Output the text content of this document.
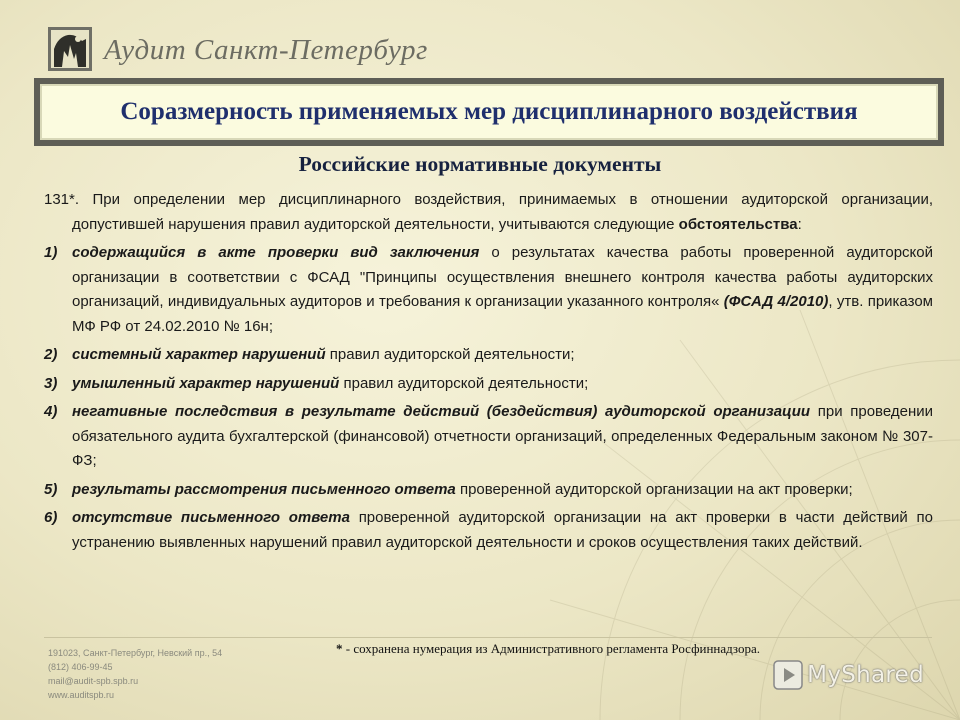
Аудит Санкт-Петербург
Соразмерность применяемых мер дисциплинарного воздействия
Российские нормативные документы
131*. При определении мер дисциплинарного воздействия, принимаемых в отношении аудиторской организации, допустившей нарушения правил аудиторской деятельности, учитываются следующие обстоятельства:
1) содержащийся в акте проверки вид заключения о результатах качества работы проверенной аудиторской организации в соответствии с ФСАД "Принципы осуществления внешнего контроля качества работы аудиторских организаций, индивидуальных аудиторов и требования к организации указанного контроля« (ФСАД 4/2010), утв. приказом МФ РФ от 24.02.2010 № 16н;
2) системный характер нарушений правил аудиторской деятельности;
3) умышленный характер нарушений правил аудиторской деятельности;
4) негативные последствия в результате действий (бездействия) аудиторской организации при проведении обязательного аудита бухгалтерской (финансовой) отчетности организаций, определенных Федеральным законом № 307-ФЗ;
5) результаты рассмотрения письменного ответа проверенной аудиторской организации на акт проверки;
6) отсутствие письменного ответа проверенной аудиторской организации на акт проверки в части действий по устранению выявленных нарушений правил аудиторской деятельности и сроков осуществления таких действий.
* - сохранена нумерация из Административного регламента Росфиннадзора.
191023, Санкт-Петербург, Невский пр., 54
(812) 406-99-45
mail@audit-spb.spb.ru
www.auditspb.ru
MyShared
